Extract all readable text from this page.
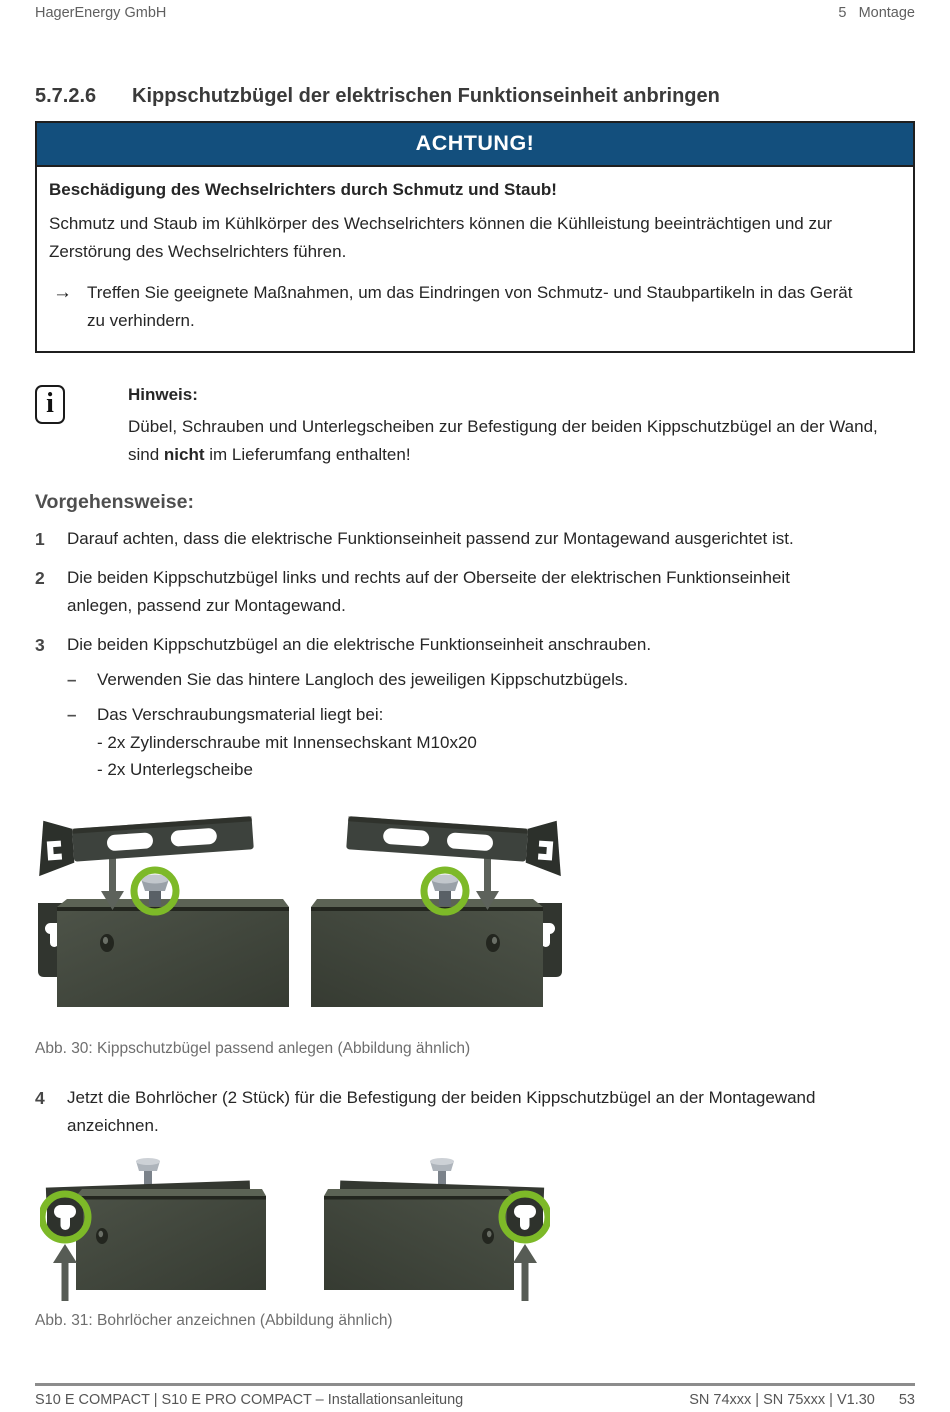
HagerEnergy GmbH	5   Montage
5.7.2.6	Kippschutzbügel der elektrischen Funktionseinheit anbringen
ACHTUNG!

Beschädigung des Wechselrichters durch Schmutz und Staub!

Schmutz und Staub im Kühlkörper des Wechselrichters können die Kühlleistung beeinträchtigen und zur Zerstörung des Wechselrichters führen.

→ Treffen Sie geeignete Maßnahmen, um das Eindringen von Schmutz- und Staubpartikeln in das Gerät zu verhindern.
i	Hinweis:

Dübel, Schrauben und Unterlegscheiben zur Befestigung der beiden Kippschutzbügel an der Wand, sind nicht im Lieferumfang enthalten!

Vorgehensweise:
1	Darauf achten, dass die elektrische Funktionseinheit passend zur Montagewand ausgerichtet ist.
2	Die beiden Kippschutzbügel links und rechts auf der Oberseite der elektrischen Funktionseinheit anlegen, passend zur Montagewand.
3	Die beiden Kippschutzbügel an die elektrische Funktionseinheit anschrauben.
–	Verwenden Sie das hintere Langloch des jeweiligen Kippschutzbügels.
–	Das Verschraubungsmaterial liegt bei:
- 2x Zylinderschraube mit Innensechskant M10x20
- 2x Unterlegscheibe
Abb. 30: Kippschutzbügel passend anlegen (Abbildung ähnlich)
4	Jetzt die Bohrlöcher (2 Stück) für die Befestigung der beiden Kippschutzbügel an der Montagewand anzeichnen.
Abb. 31: Bohrlöcher anzeichnen (Abbildung ähnlich)
S10 E COMPACT | S10 E PRO COMPACT – Installationsanleitung	SN 74xxx | SN 75xxx | V1.30 53
